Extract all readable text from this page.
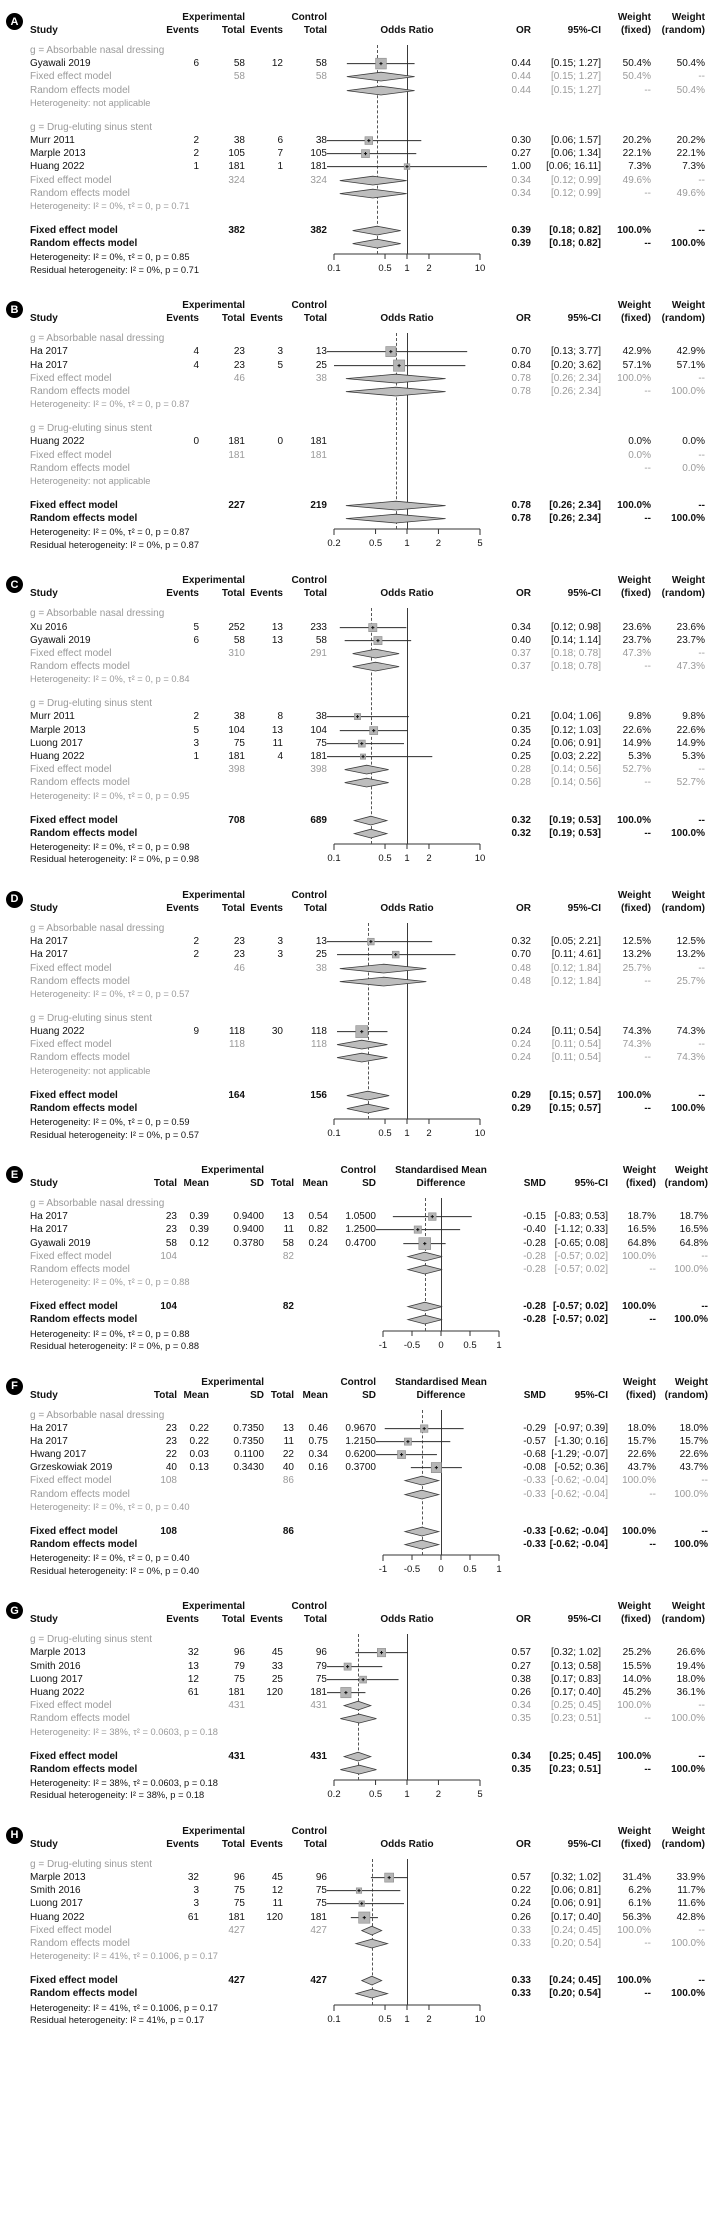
A	Experimental	Control	Weight	Weight
Study	Events	Total Events	Total	Odds Ratio	OR	95%-CI	(fixed)	(random)
g = Absorbable nasal dressing
Gyawali 2019	6	58	12	58	0.44	[0.15; 1.27]	50.4%	50.4%
Fixed effect model	58	58	0.44	[0.15; 1.27]	50.4%	--
Random effects model	0.44	[0.15; 1.27]	--	50.4%
Heterogeneity: not applicable
g = Drug-eluting sinus stent
Murr 2011	2	38	6	38	0.30	[0.06; 1.57]	20.2%	20.2%
Marple 2013	2	105	7	105	0.27	[0.06; 1.34]	22.1%	22.1%
Huang 2022	1	181	1	181	1.00	[0.06; 16.11]	7.3%	7.3%
Fixed effect model	324	324	0.34	[0.12; 0.99]	49.6%	--
Random effects model	0.34	[0.12; 0.99]	--	49.6%
Heterogeneity: I² = 0%, τ² = 0, p = 0.71
Fixed effect model	382	382	0.39	[0.18; 0.82]	100.0%	--
Random effects model	0.39	[0.18; 0.82]	--	100.0%
Heterogeneity: I² = 0%, τ² = 0, p = 0.85
Residual heterogeneity: I² = 0%, p = 0.71	0.1	0.5 1 2	10
B	Experimental	Control	Weight	Weight
Study	Events	Total Events	Total	Odds Ratio	OR	95%-CI	(fixed)	(random)
g = Absorbable nasal dressing
Ha 2017	4	23	3	13	0.70	[0.13; 3.77]	42.9%	42.9%
Ha 2017	4	23	5	25	0.84	[0.20; 3.62]	57.1%	57.1%
Fixed effect model	46	38	0.78	[0.26; 2.34]	100.0%	--
Random effects model	0.78	[0.26; 2.34]	--	100.0%
Heterogeneity: I² = 0%, τ² = 0, p = 0.87
g = Drug-eluting sinus stent
Huang 2022	0	181	0	181	0.0%	0.0%
Fixed effect model	181	181	0.0%	--
Random effects model	--	0.0%
Heterogeneity: not applicable
Fixed effect model	227	219	0.78	[0.26; 2.34]	100.0%	--
Random effects model	0.78	[0.26; 2.34]	--	100.0%
Heterogeneity: I² = 0%, τ² = 0, p = 0.87
Residual heterogeneity: I² = 0%, p = 0.87	0.2	0.5 1	2	5
C	Experimental	Control	Weight	Weight
Study	Events	Total Events	Total	Odds Ratio	OR	95%-CI	(fixed)	(random)
g = Absorbable nasal dressing
Xu 2016	5	252	13	233	0.34	[0.12; 0.98]	23.6%	23.6%
Gyawali 2019	6	58	13	58	0.40	[0.14; 1.14]	23.7%	23.7%
Fixed effect model	310	291	0.37	[0.18; 0.78]	47.3%	--
Random effects model	0.37	[0.18; 0.78]	--	47.3%
Heterogeneity: I² = 0%, τ² = 0, p = 0.84
g = Drug-eluting sinus stent
Murr 2011	2	38	8	38	0.21	[0.04; 1.06]	9.8%	9.8%
Marple 2013	5	104	13	104	0.35	[0.12; 1.03]	22.6%	22.6%
Luong 2017	3	75	11	75	0.24	[0.06; 0.91]	14.9%	14.9%
Huang 2022	1	181	4	181	0.25	[0.03; 2.22]	5.3%	5.3%
Fixed effect model	398	398	0.28	[0.14; 0.56]	52.7%	--
Random effects model	0.28	[0.14; 0.56]	--	52.7%
Heterogeneity: I² = 0%, τ² = 0, p = 0.95
Fixed effect model	708	689	0.32	[0.19; 0.53]	100.0%	--
Random effects model	0.32	[0.19; 0.53]	--	100.0%
Heterogeneity: I² = 0%, τ² = 0, p = 0.98
Residual heterogeneity: I² = 0%, p = 0.98	0.1	0.5 1 2	10
D	Experimental	Control	Weight	Weight
Study	Events	Total Events	Total	Odds Ratio	OR	95%-CI	(fixed)	(random)
g = Absorbable nasal dressing
Ha 2017	2	23	3	13	0.32	[0.05; 2.21]	12.5%	12.5%
Ha 2017	2	23	3	25	0.70	[0.11; 4.61]	13.2%	13.2%
Fixed effect model	46	38	0.48	[0.12; 1.84]	25.7%	--
Random effects model	0.48	[0.12; 1.84]	--	25.7%
Heterogeneity: I² = 0%, τ² = 0, p = 0.57
g = Drug-eluting sinus stent
Huang 2022	9	118	30	118	0.24	[0.11; 0.54]	74.3%	74.3%
Fixed effect model	118	118	0.24	[0.11; 0.54]	74.3%	--
Random effects model	0.24	[0.11; 0.54]	--	74.3%
Heterogeneity: not applicable
Fixed effect model	164	156	0.29	[0.15; 0.57]	100.0%	--
Random effects model	0.29	[0.15; 0.57]	--	100.0%
Heterogeneity: I² = 0%, τ² = 0, p = 0.59
Residual heterogeneity: I² = 0%, p = 0.57	0.1	0.5 1 2	10
E	Experimental	Control	Standardised Mean	Weight	Weight
Study	Total Mean	SD Total Mean	SD	Difference	SMD	95%-CI	(fixed) (random)
g = Absorbable nasal dressing
Ha 2017	23	0.39	0.9400	13	0.54	1.0500	-0.15 [-0.83; 0.53]	18.7%	18.7%
Ha 2017	23	0.39	0.9400	11	0.82	1.2500	-0.40 [-1.12; 0.33]	16.5%	16.5%
Gyawali 2019	58	0.12	0.3780	58	0.24	0.4700	-0.28 [-0.65; 0.08]	64.8%	64.8%
Fixed effect model	104	82	-0.28 [-0.57; 0.02]	100.0%	--
Random effects model	-0.28 [-0.57; 0.02]	--	100.0%
Heterogeneity: I² = 0%, τ² = 0, p = 0.88
Fixed effect model	104	82	-0.28 [-0.57; 0.02]	100.0%	--
Random effects model	-0.28 [-0.57; 0.02]	--	100.0%
Heterogeneity: I² = 0%, τ² = 0, p = 0.88
Residual heterogeneity: I² = 0%, p = 0.88	-1 -0.5 0 0.5 1
F	Experimental	Control	Standardised Mean	Weight	Weight
Study	Total Mean	SD Total Mean	SD	Difference	SMD	95%-CI	(fixed) (random)
g = Absorbable nasal dressing
Ha 2017	23	0.22	0.7350	13	0.46	0.9670	-0.29 [-0.97; 0.39]	18.0%	18.0%
Ha 2017	23	0.22	0.7350	11	0.75	1.2150	-0.57 [-1.30; 0.16]	15.7%	15.7%
Hwang 2017	22	0.03	0.1100	22	0.34	0.6200	-0.68 [-1.29; -0.07]	22.6%	22.6%
Grzeskowiak 2019	40	0.13	0.3430	40	0.16	0.3700	-0.08 [-0.52; 0.36]	43.7%	43.7%
Fixed effect model	108	86	-0.33 [-0.62; -0.04]	100.0%	--
Random effects model	-0.33 [-0.62; -0.04]	--	100.0%
Heterogeneity: I² = 0%, τ² = 0, p = 0.40
Fixed effect model	108	86	-0.33 [-0.62; -0.04]	100.0%	--
Random effects model	-0.33 [-0.62; -0.04]	--	100.0%
Heterogeneity: I² = 0%, τ² = 0, p = 0.40
Residual heterogeneity: I² = 0%, p = 0.40	-1 -0.5 0 0.5 1
G	Experimental	Control	Weight	Weight
Study	Events	Total Events	Total	Odds Ratio	OR	95%-CI	(fixed)	(random)
g = Drug-eluting sinus stent
Marple 2013	32	96	45	96	0.57	[0.32; 1.02]	25.2%	26.6%
Smith 2016	13	79	33	79	0.27	[0.13; 0.58]	15.5%	19.4%
Luong 2017	12	75	25	75	0.38	[0.17; 0.83]	14.0%	18.0%
Huang 2022	61	181	120	181	0.26	[0.17; 0.40]	45.2%	36.1%
Fixed effect model	431	431	0.34	[0.25; 0.45]	100.0%	--
Random effects model	0.35	[0.23; 0.51]	--	100.0%
Heterogeneity: I² = 38%, τ² = 0.0603, p = 0.18
Fixed effect model	431	431	0.34	[0.25; 0.45]	100.0%	--
Random effects model	0.35	[0.23; 0.51]	--	100.0%
Heterogeneity: I² = 38%, τ² = 0.0603, p = 0.18
Residual heterogeneity: I² = 38%, p = 0.18	0.2	0.5 1	2	5
H	Experimental	Control	Weight	Weight
Study	Events	Total Events	Total	Odds Ratio	OR	95%-CI	(fixed)	(random)
g = Drug-eluting sinus stent
Marple 2013	32	96	45	96	0.57	[0.32; 1.02]	31.4%	33.9%
Smith 2016	3	75	12	75	0.22	[0.06; 0.81]	6.2%	11.7%
Luong 2017	3	75	11	75	0.24	[0.06; 0.91]	6.1%	11.6%
Huang 2022	61	181	120	181	0.26	[0.17; 0.40]	56.3%	42.8%
Fixed effect model	427	427	0.33	[0.24; 0.45]	100.0%	--
Random effects model	0.33	[0.20; 0.54]	--	100.0%
Heterogeneity: I² = 41%, τ² = 0.1006, p = 0.17
Fixed effect model	427	427	0.33	[0.24; 0.45]	100.0%	--
Random effects model	0.33	[0.20; 0.54]	--	100.0%
Heterogeneity: I² = 41%, τ² = 0.1006, p = 0.17
Residual heterogeneity: I² = 41%, p = 0.17	0.1	0.5 1 2	10
